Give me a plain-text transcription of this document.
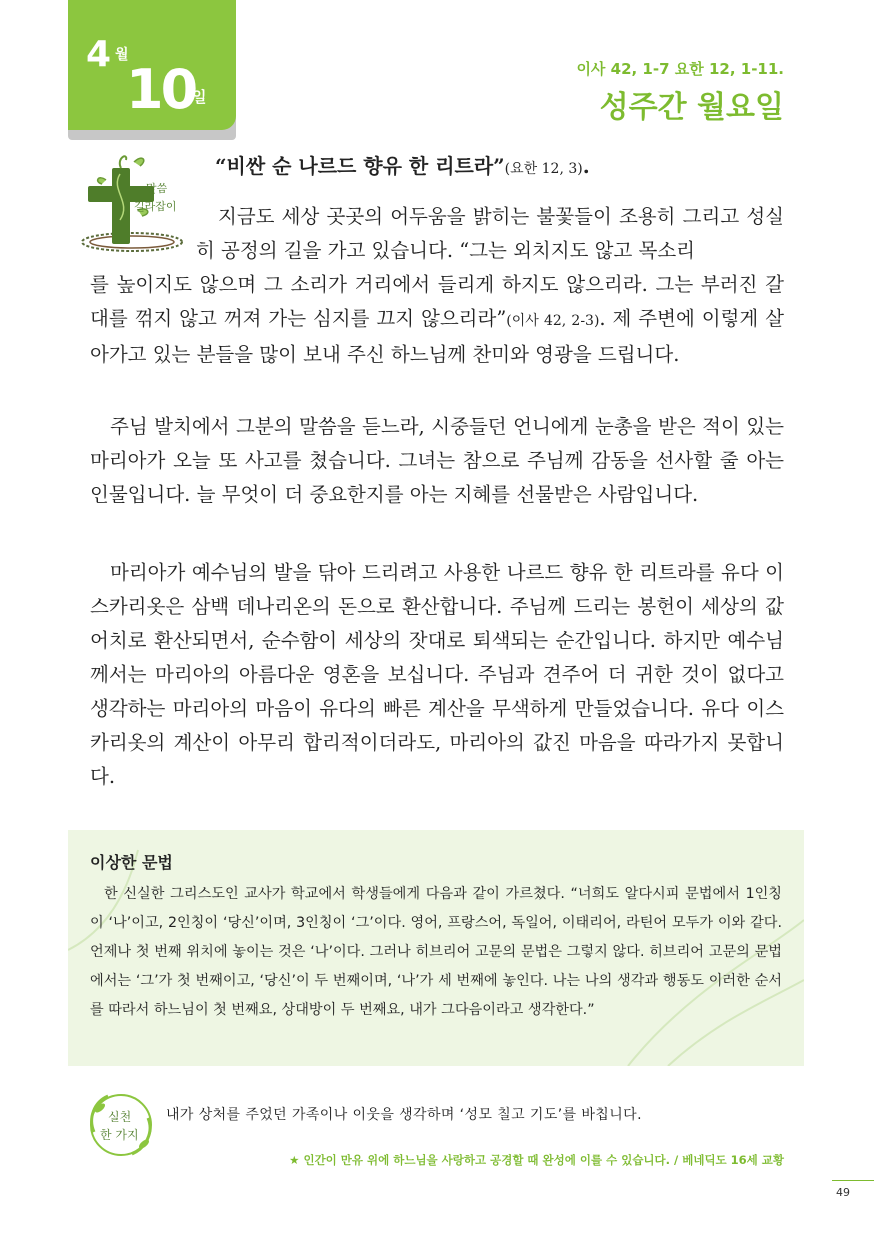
4 월
10
일
이사 42, 1-7 요한 12, 1-11.
성주간 월요일
말씀
길라잡이
“비싼 순 나르드 향유 한 리트라”(요한 12, 3).

지금도 세상 곳곳의 어두움을 밝히는 불꽃들이 조용히 그리고 성실히 공정의 길을 가고 있습니다. “그는 외치지도 않고 목소리

를 높이지도 않으며 그 소리가 거리에서 들리게 하지도 않으리라. 그는 부러진 갈대를 꺾지 않고 꺼져 가는 심지를 끄지 않으리라”(이사 42, 2-3). 제 주변에 이렇게 살아가고 있는 분들을 많이 보내 주신 하느님께 찬미와 영광을 드립니다.

주님 발치에서 그분의 말씀을 듣느라, 시중들던 언니에게 눈총을 받은 적이 있는 마리아가 오늘 또 사고를 쳤습니다. 그녀는 참으로 주님께 감동을 선사할 줄 아는 인물입니다. 늘 무엇이 더 중요한지를 아는 지혜를 선물받은 사람입니다.

마리아가 예수님의 발을 닦아 드리려고 사용한 나르드 향유 한 리트라를 유다 이스카리옷은 삼백 데나리온의 돈으로 환산합니다. 주님께 드리는 봉헌이 세상의 값어치로 환산되면서, 순수함이 세상의 잣대로 퇴색되는 순간입니다. 하지만 예수님께서는 마리아의 아름다운 영혼을 보십니다. 주님과 견주어 더 귀한 것이 없다고 생각하는 마리아의 마음이 유다의 빠른 계산을 무색하게 만들었습니다. 유다 이스카리옷의 계산이 아무리 합리적이더라도, 마리아의 값진 마음을 따라가지 못합니다.

이상한 문법

한 신실한 그리스도인 교사가 학교에서 학생들에게 다음과 같이 가르쳤다. “너희도 알다시피 문법에서 1인칭이 ‘나’이고, 2인칭이 ‘당신’이며, 3인칭이 ‘그’이다. 영어, 프랑스어, 독일어, 이태리어, 라틴어 모두가 이와 같다. 언제나 첫 번째 위치에 놓이는 것은 ‘나’이다. 그러나 히브리어 고문의 문법은 그렇지 않다. 히브리어 고문의 문법에서는 ‘그’가 첫 번째이고, ‘당신’이 두 번째이며, ‘나’가 세 번째에 놓인다. 나는 나의 생각과 행동도 이러한 순서를 따라서 하느님이 첫 번째요, 상대방이 두 번째요, 내가 그다음이라고 생각한다.”

실천
한 가지
내가 상처를 주었던 가족이나 이웃을 생각하며 ‘성모 칠고 기도’를 바칩니다.
★ 인간이 만유 위에 하느님을 사랑하고 공경할 때 완성에 이를 수 있습니다. / 베네딕도 16세 교황
49
